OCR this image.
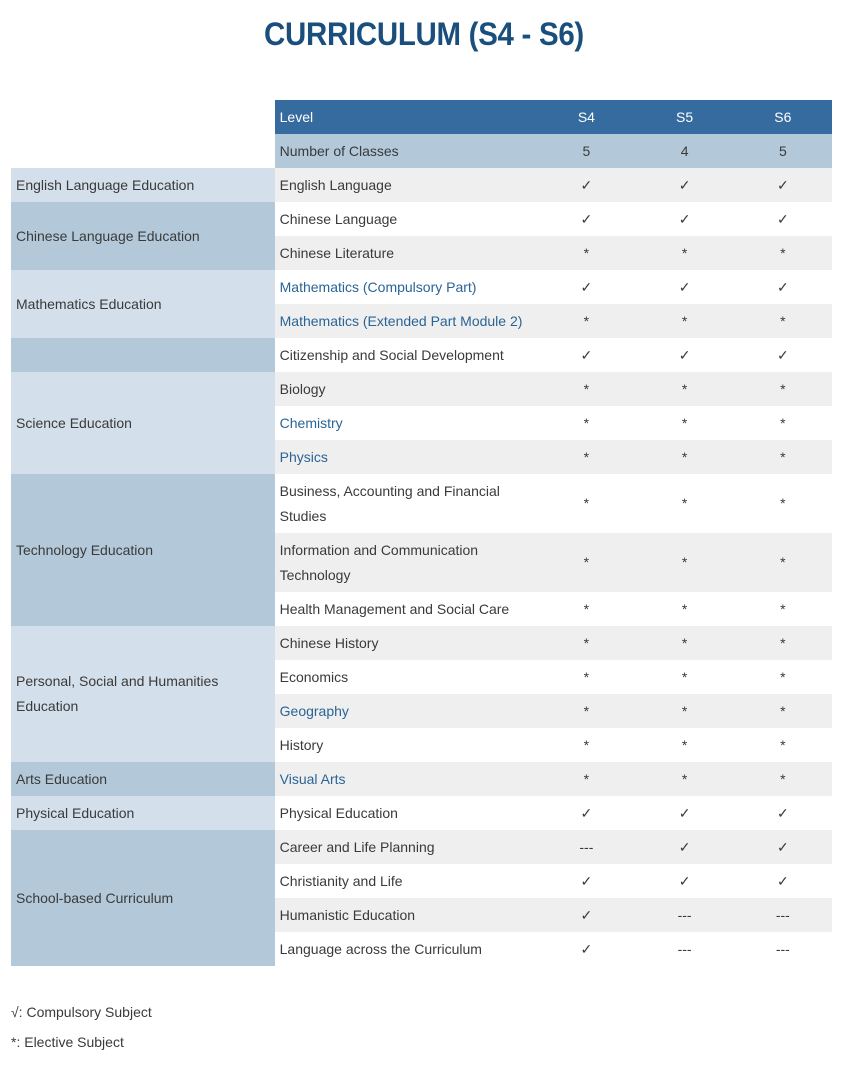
CURRICULUM (S4 - S6)
	Level	S4	S5	S6
	Number of Classes	5	4	5
English Language Education	English Language	✓	✓	✓
Chinese Language Education	Chinese Language	✓	✓	✓
	Chinese Literature	*	*	*
Mathematics Education	Mathematics (Compulsory Part)	✓	✓	✓
	Mathematics (Extended Part Module 2)	*	*	*
	Citizenship and Social Development	✓	✓	✓
Science Education	Biology	*	*	*
	Chemistry	*	*	*
	Physics	*	*	*
Technology Education	Business, Accounting and Financial Studies	*	*	*
	Information and Communication Technology	*	*	*
	Health Management and Social Care	*	*	*
Personal, Social and Humanities Education	Chinese History	*	*	*
	Economics	*	*	*
	Geography	*	*	*
	History	*	*	*
Arts Education	Visual Arts	*	*	*
Physical Education	Physical Education	✓	✓	✓
School-based Curriculum	Career and Life Planning	---	✓	✓
	Christianity and Life	✓	✓	✓
	Humanistic Education	✓	---	---
	Language across the Curriculum	✓	---	---
√: Compulsory Subject
*: Elective Subject
